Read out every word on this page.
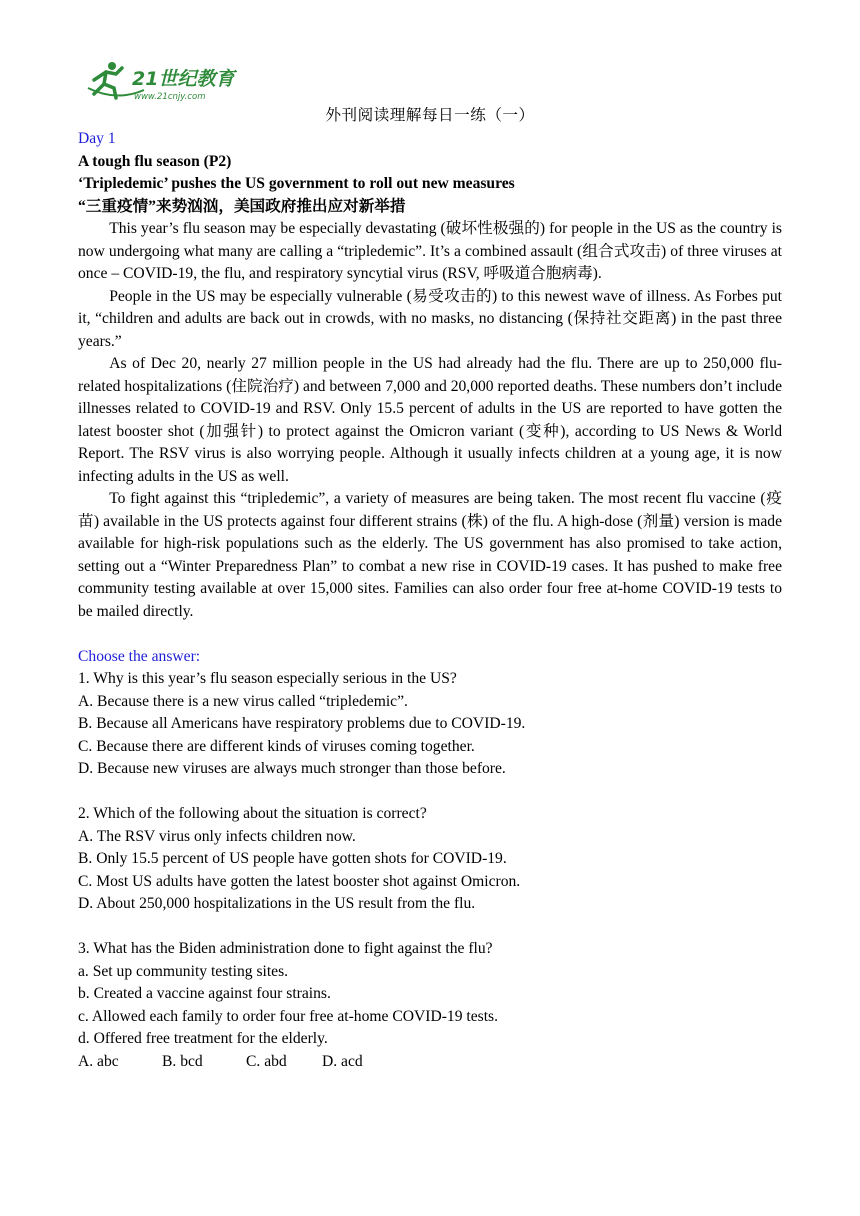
21世纪教育
www.21cnjy.com
外刊阅读理解每日一练（一）

Day 1

A tough flu season (P2)

‘Tripledemic’ pushes the US government to roll out new measures

“三重疫情”来势汹汹，美国政府推出应对新举措

This year’s flu season may be especially devastating (破坏性极强的) for people in the US as the country is now undergoing what many are calling a “tripledemic”. It’s a combined assault (组合式攻击) of three viruses at once – COVID-19, the flu, and respiratory syncytial virus (RSV, 呼吸道合胞病毒).

People in the US may be especially vulnerable (易受攻击的) to this newest wave of illness. As Forbes put it, “children and adults are back out in crowds, with no masks, no distancing (保持社交距离) in the past three years.”

As of Dec 20, nearly 27 million people in the US had already had the flu. There are up to 250,000 flu-related hospitalizations (住院治疗) and between 7,000 and 20,000 reported deaths. These numbers don’t include illnesses related to COVID-19 and RSV. Only 15.5 percent of adults in the US are reported to have gotten the latest booster shot (加强针) to protect against the Omicron variant (变种), according to US News & World Report. The RSV virus is also worrying people. Although it usually infects children at a young age, it is now infecting adults in the US as well.

To fight against this “tripledemic”, a variety of measures are being taken. The most recent flu vaccine (疫苗) available in the US protects against four different strains (株) of the flu. A high-dose (剂量) version is made available for high-risk populations such as the elderly. The US government has also promised to take action, setting out a “Winter Preparedness Plan” to combat a new rise in COVID-19 cases. It has pushed to make free community testing available at over 15,000 sites. Families can also order four free at-home COVID-19 tests to be mailed directly.

Choose the answer:

1. Why is this year’s flu season especially serious in the US?

A. Because there is a new virus called “tripledemic”.

B. Because all Americans have respiratory problems due to COVID-19.

C. Because there are different kinds of viruses coming together.

D. Because new viruses are always much stronger than those before.

2. Which of the following about the situation is correct?

A. The RSV virus only infects children now.

B. Only 15.5 percent of US people have gotten shots for COVID-19.

C. Most US adults have gotten the latest booster shot against Omicron.

D. About 250,000 hospitalizations in the US result from the flu.

3. What has the Biden administration done to fight against the flu?

a. Set up community testing sites.

b. Created a vaccine against four strains.

c. Allowed each family to order four free at-home COVID-19 tests.

d. Offered free treatment for the elderly.

A. abc	B. bcd	C. abd	D. acd
